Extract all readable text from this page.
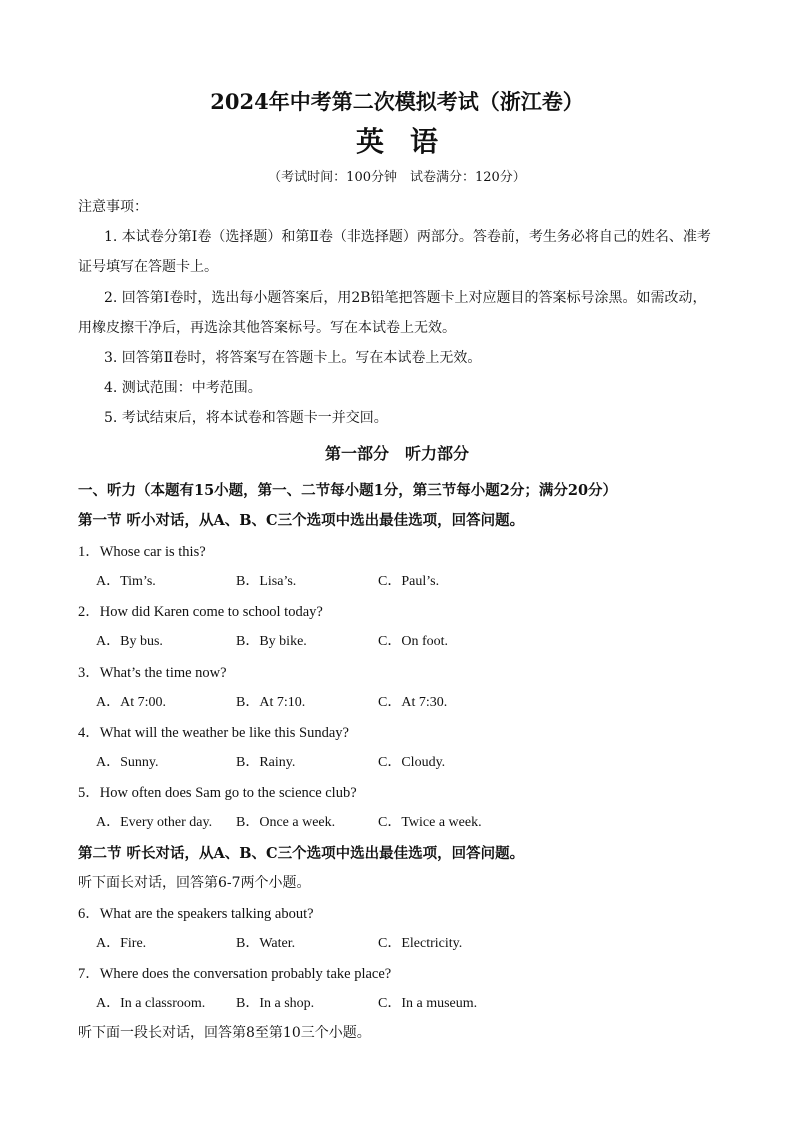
2024年中考第二次模拟考试（浙江卷）
英语
（考试时间：100分钟　试卷满分：120分）
注意事项：
1. 本试卷分第Ⅰ卷（选择题）和第Ⅱ卷（非选择题）两部分。答卷前，考生务必将自己的姓名、准考
证号填写在答题卡上。
2. 回答第Ⅰ卷时，选出每小题答案后，用2B铅笔把答题卡上对应题目的答案标号涂黑。如需改动，
用橡皮擦干净后，再选涂其他答案标号。写在本试卷上无效。
3. 回答第Ⅱ卷时，将答案写在答题卡上。写在本试卷上无效。
4. 测试范围：中考范围。
5. 考试结束后，将本试卷和答题卡一并交回。
第一部分　听力部分
一、听力（本题有15小题，第一、二节每小题1分，第三节每小题2分；满分20分）
第一节 听小对话，从A、B、C三个选项中选出最佳选项，回答问题。
1．Whose car is this?
A．Tim’s.	B．Lisa’s.	C．Paul’s.
2．How did Karen come to school today?
A．By bus.	B．By bike.	C．On foot.
3．What’s the time now?
A．At 7:00.	B．At 7:10.	C．At 7:30.
4．What will the weather be like this Sunday?
A．Sunny.	B．Rainy.	C．Cloudy.
5．How often does Sam go to the science club?
A．Every other day. B．Once a week.	C．Twice a week.
第二节 听长对话，从A、B、C三个选项中选出最佳选项，回答问题。
听下面长对话，回答第6-7两个小题。
6．What are the speakers talking about?
A．Fire.	B．Water.	C．Electricity.
7．Where does the conversation probably take place?
A．In a classroom. B．In a shop.	C．In a museum.
听下面一段长对话，回答第8至第10三个小题。
